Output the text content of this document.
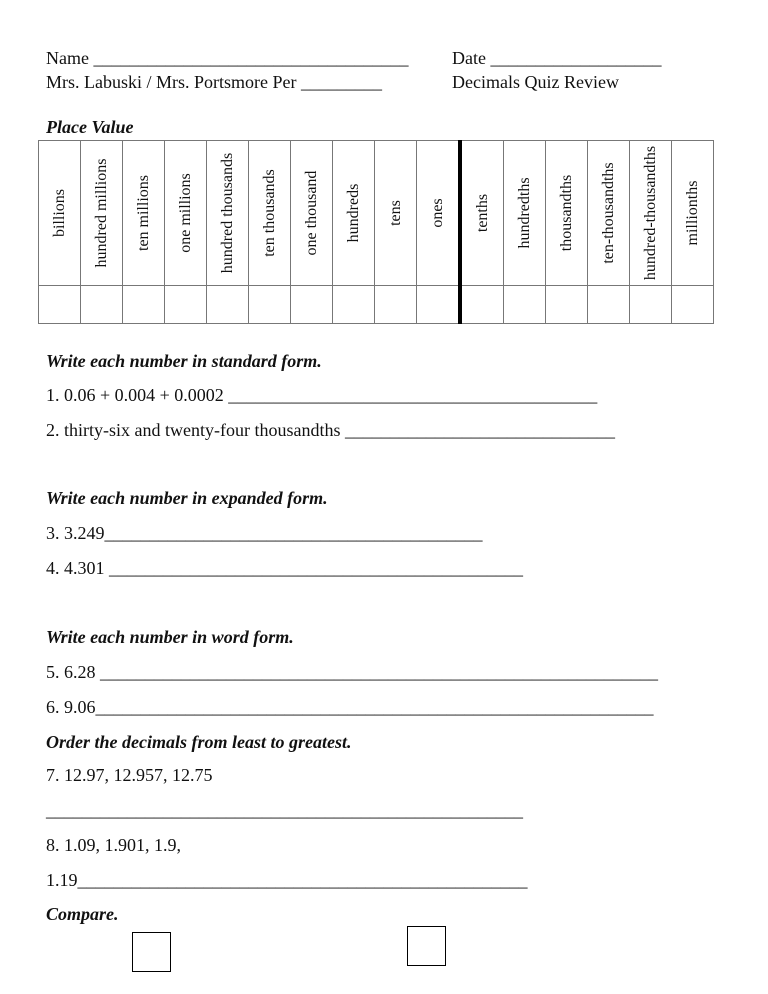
Name ___________________________________ Date ___________________
Mrs. Labuski / Mrs. Portsmore Per _________	Decimals Quiz Review
Place Value
billions	hundred millions	ten millions	one millions	hundred thousands	ten thousands	one thousand	hundreds	tens	ones	tenths	hundredths	thousandths	ten-thousandths	hundred-thousandths	millionths

Write each number in standard form.
1. 0.06 + 0.004 + 0.0002 _________________________________________
2. thirty-six and twenty-four thousandths ______________________________
Write each number in expanded form.
3. 3.249__________________________________________
4. 4.301 ______________________________________________
Write each number in word form.
5. 6.28 ______________________________________________________________
6. 9.06______________________________________________________________
Order the decimals from least to greatest.
7. 12.97, 12.957, 12.75
_____________________________________________________
8. 1.09, 1.901, 1.9,
1.19__________________________________________________
Compare.
